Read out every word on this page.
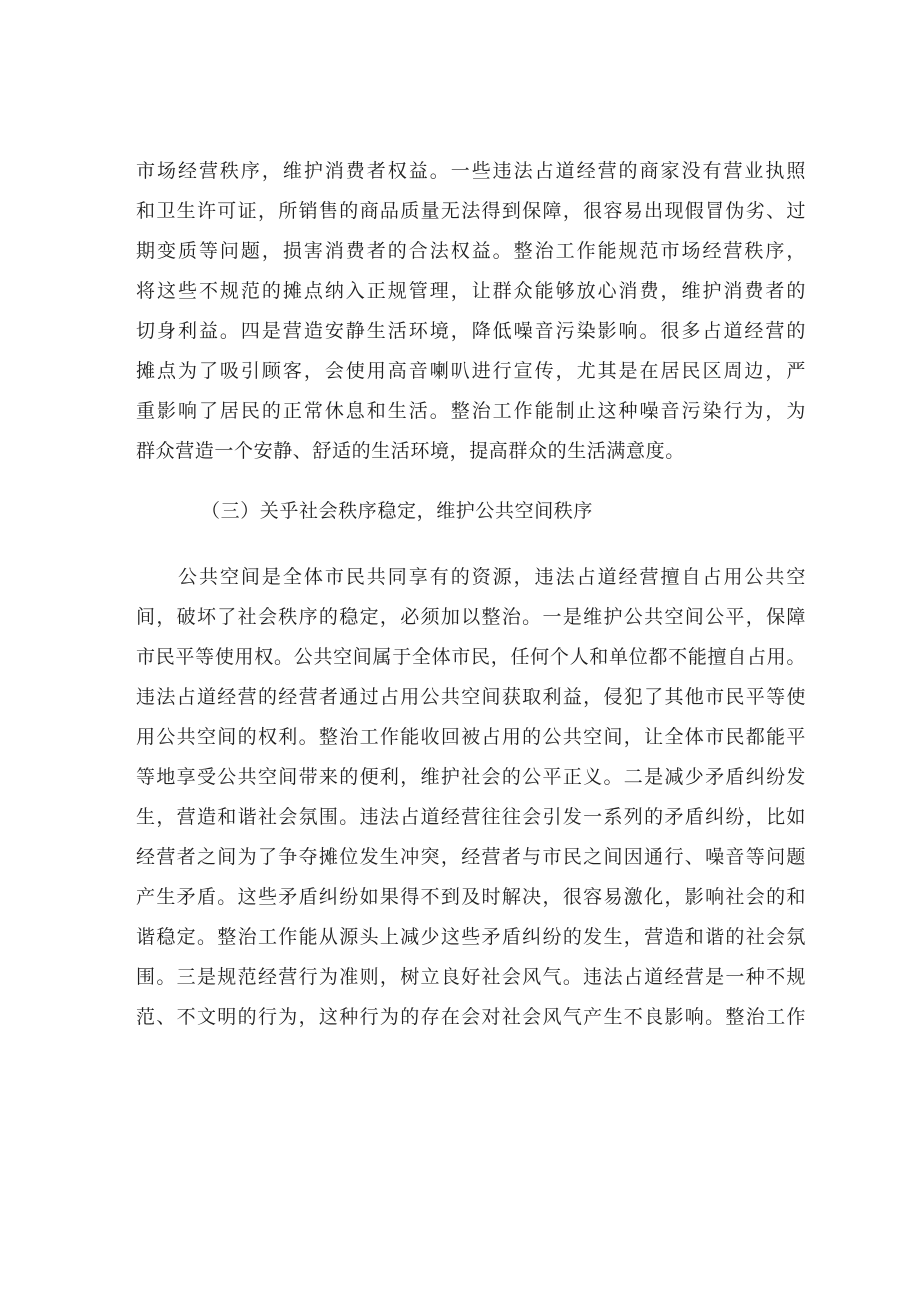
市场经营秩序，维护消费者权益。一些违法占道经营的商家没有营业执照

和卫生许可证，所销售的商品质量无法得到保障，很容易出现假冒伪劣、过

期变质等问题，损害消费者的合法权益。整治工作能规范市场经营秩序，

将这些不规范的摊点纳入正规管理，让群众能够放心消费，维护消费者的

切身利益。四是营造安静生活环境，降低噪音污染影响。很多占道经营的

摊点为了吸引顾客，会使用高音喇叭进行宣传，尤其是在居民区周边，严

重影响了居民的正常休息和生活。整治工作能制止这种噪音污染行为，为

群众营造一个安静、舒适的生活环境，提高群众的生活满意度。

（三）关乎社会秩序稳定，维护公共空间秩序

公共空间是全体市民共同享有的资源，违法占道经营擅自占用公共空

间，破坏了社会秩序的稳定，必须加以整治。一是维护公共空间公平，保障

市民平等使用权。公共空间属于全体市民，任何个人和单位都不能擅自占用。

违法占道经营的经营者通过占用公共空间获取利益，侵犯了其他市民平等使

用公共空间的权利。整治工作能收回被占用的公共空间，让全体市民都能平

等地享受公共空间带来的便利，维护社会的公平正义。二是减少矛盾纠纷发

生，营造和谐社会氛围。违法占道经营往往会引发一系列的矛盾纠纷，比如

经营者之间为了争夺摊位发生冲突，经营者与市民之间因通行、噪音等问题

产生矛盾。这些矛盾纠纷如果得不到及时解决，很容易激化，影响社会的和

谐稳定。整治工作能从源头上减少这些矛盾纠纷的发生，营造和谐的社会氛

围。三是规范经营行为准则，树立良好社会风气。违法占道经营是一种不规

范、不文明的行为，这种行为的存在会对社会风气产生不良影响。整治工作
